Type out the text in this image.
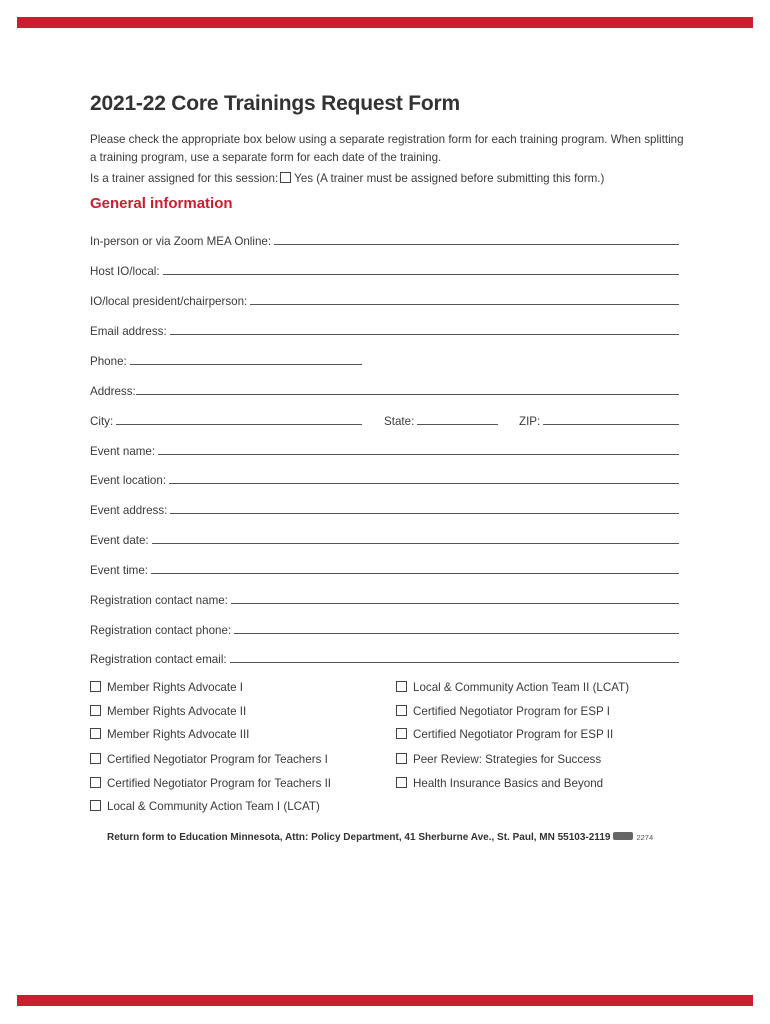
2021-22 Core Trainings Request Form
Please check the appropriate box below using a separate registration form for each training program. When splitting a training program, use a separate form for each date of the training.
Is a trainer assigned for this session: Yes (A trainer must be assigned before submitting this form.)
General information
In-person or via Zoom MEA Online:
Host IO/local:
IO/local president/chairperson:
Email address:
Phone:
Address:
City:	State:	ZIP:
Event name:
Event location:
Event address:
Event date:
Event time:
Registration contact name:
Registration contact phone:
Registration contact email:
Member Rights Advocate I
Member Rights Advocate II
Member Rights Advocate III
Certified Negotiator Program for Teachers I
Certified Negotiator Program for Teachers II
Local & Community Action Team I (LCAT)
Local & Community Action Team II (LCAT)
Certified Negotiator Program for ESP I
Certified Negotiator Program for ESP II
Peer Review: Strategies for Success
Health Insurance Basics and Beyond
Return form to Education Minnesota, Attn: Policy Department, 41 Sherburne Ave., St. Paul, MN 55103-2119	2274
